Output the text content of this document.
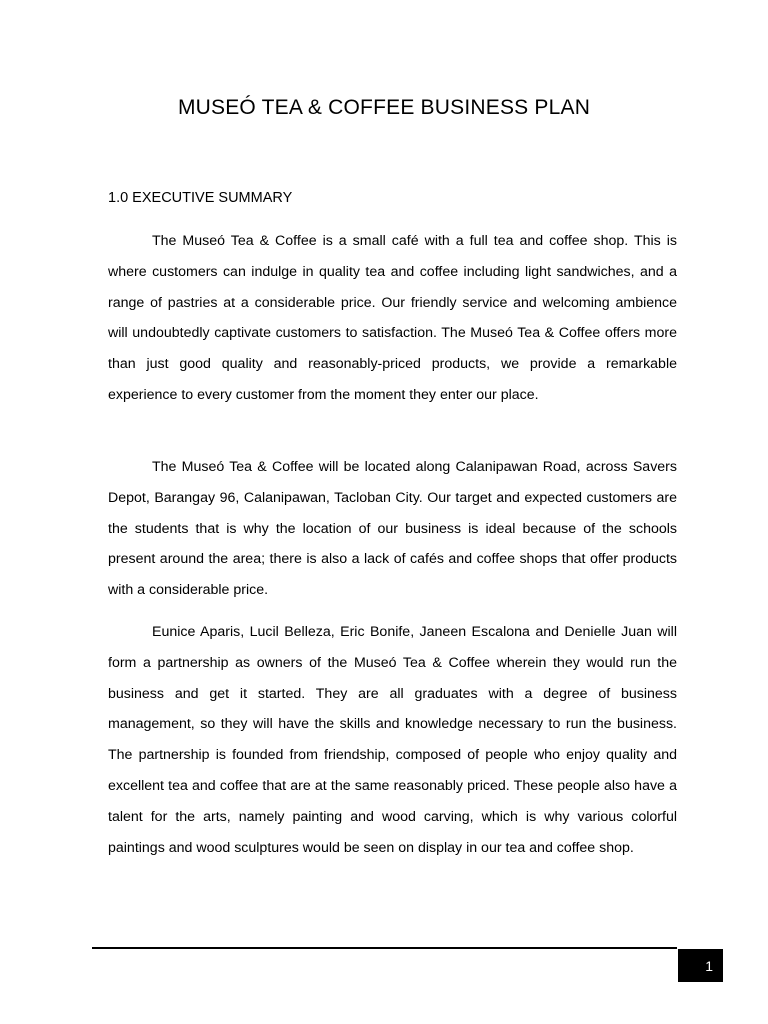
MUSEÓ TEA & COFFEE BUSINESS PLAN
1.0 EXECUTIVE SUMMARY

The Museó Tea & Coffee is a small café with a full tea and coffee shop. This is where customers can indulge in quality tea and coffee including light sandwiches, and a range of pastries at a considerable price. Our friendly service and welcoming ambience will undoubtedly captivate customers to satisfaction. The Museó Tea & Coffee offers more than just good quality and reasonably-priced products, we provide a remarkable experience to every customer from the moment they enter our place.

The Museó Tea & Coffee will be located along Calanipawan Road, across Savers Depot, Barangay 96, Calanipawan, Tacloban City. Our target and expected customers are the students that is why the location of our business is ideal because of the schools present around the area; there is also a lack of cafés and coffee shops that offer products with a considerable price.

Eunice Aparis, Lucil Belleza, Eric Bonife, Janeen Escalona and Denielle Juan will form a partnership as owners of the Museó Tea & Coffee wherein they would run the business and get it started. They are all graduates with a degree of business management, so they will have the skills and knowledge necessary to run the business. The partnership is founded from friendship, composed of people who enjoy quality and excellent tea and coffee that are at the same reasonably priced. These people also have a talent for the arts, namely painting and wood carving, which is why various colorful paintings and wood sculptures would be seen on display in our tea and coffee shop.

1
